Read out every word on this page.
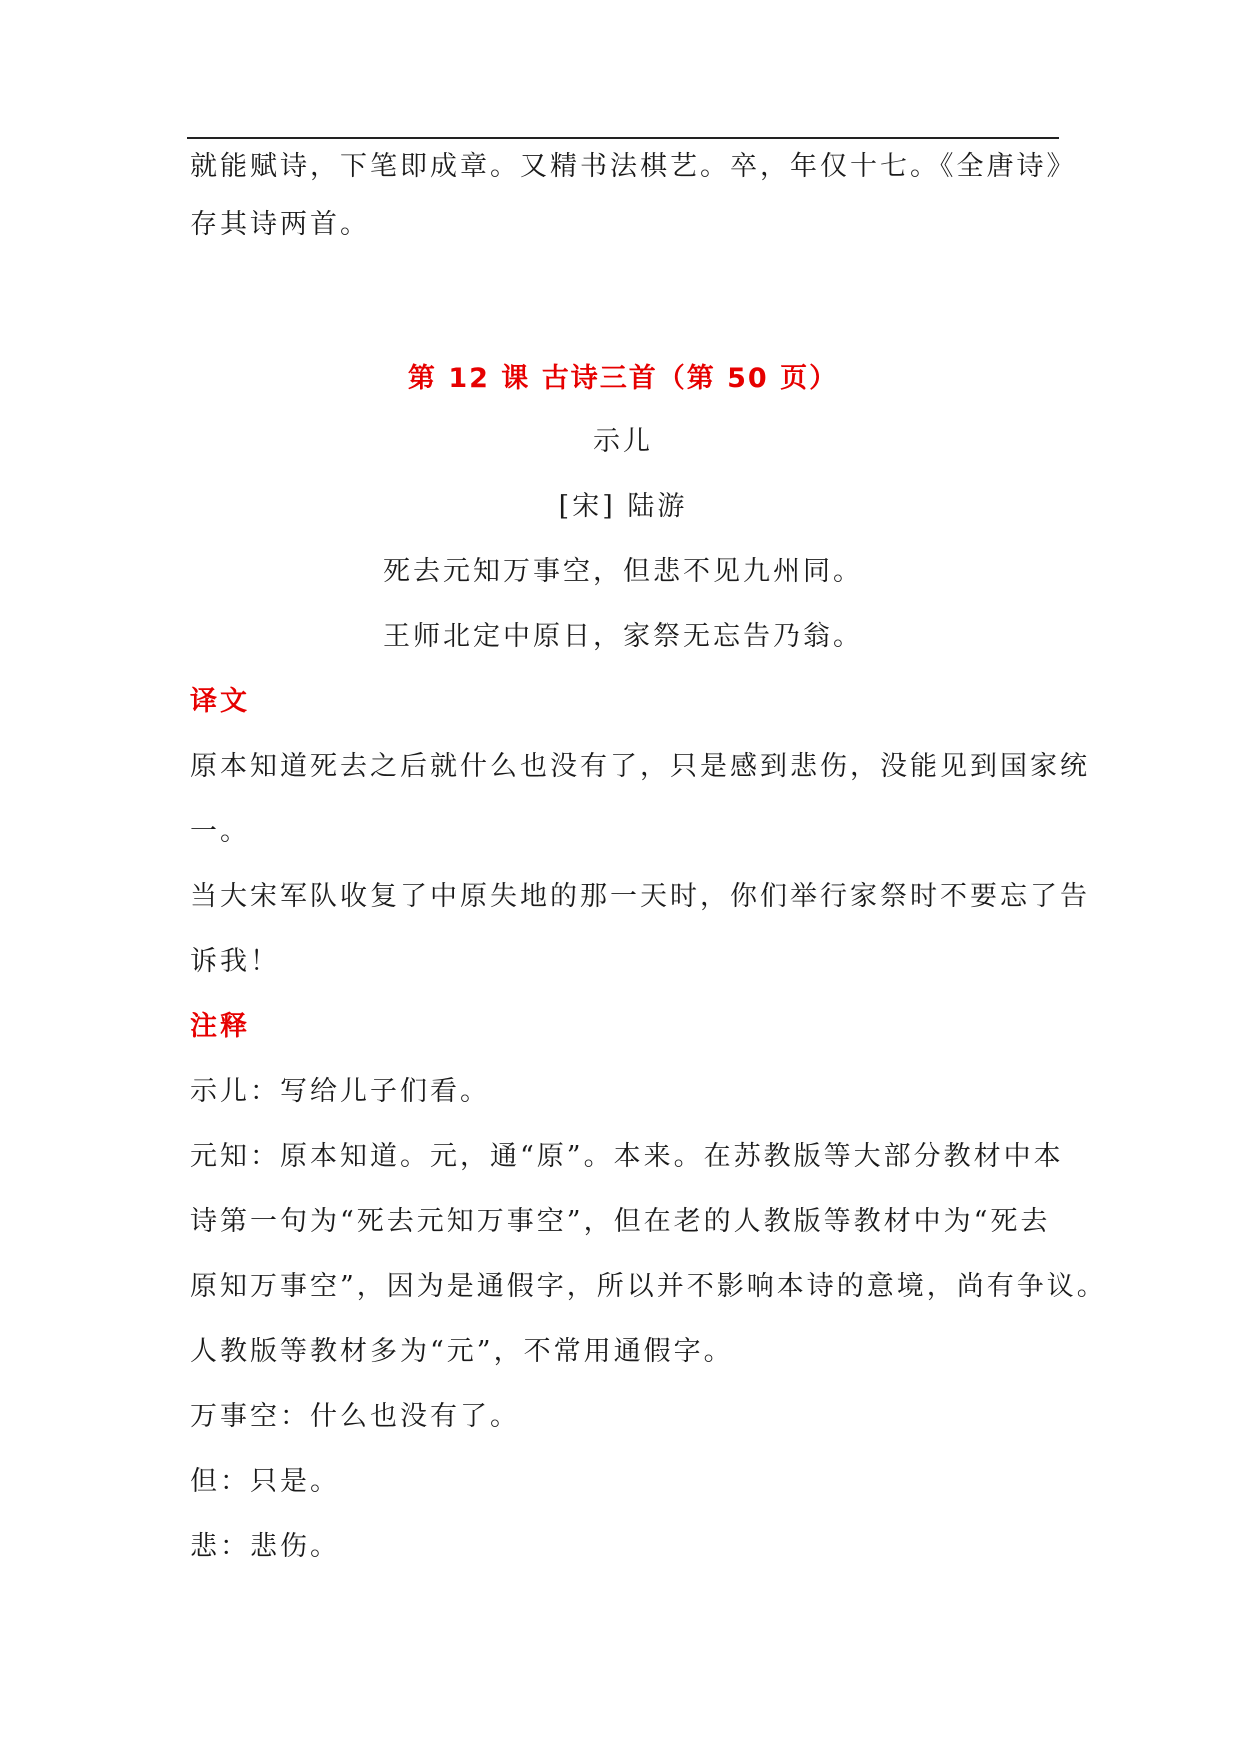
就能赋诗，下笔即成章。又精书法棋艺。卒，年仅十七。《全唐诗》
存其诗两首。
第 12 课 古诗三首（第 50 页）
示儿
[宋] 陆游
死去元知万事空，但悲不见九州同。
王师北定中原日，家祭无忘告乃翁。
译文
原本知道死去之后就什么也没有了，只是感到悲伤，没能见到国家统
一。
当大宋军队收复了中原失地的那一天时，你们举行家祭时不要忘了告
诉我！
注释
示儿：写给儿子们看。
元知：原本知道。元，通“原”。本来。在苏教版等大部分教材中本
诗第一句为“死去元知万事空”，但在老的人教版等教材中为“死去
原知万事空”，因为是通假字，所以并不影响本诗的意境，尚有争议。
人教版等教材多为“元”，不常用通假字。
万事空：什么也没有了。
但：只是。
悲：悲伤。
